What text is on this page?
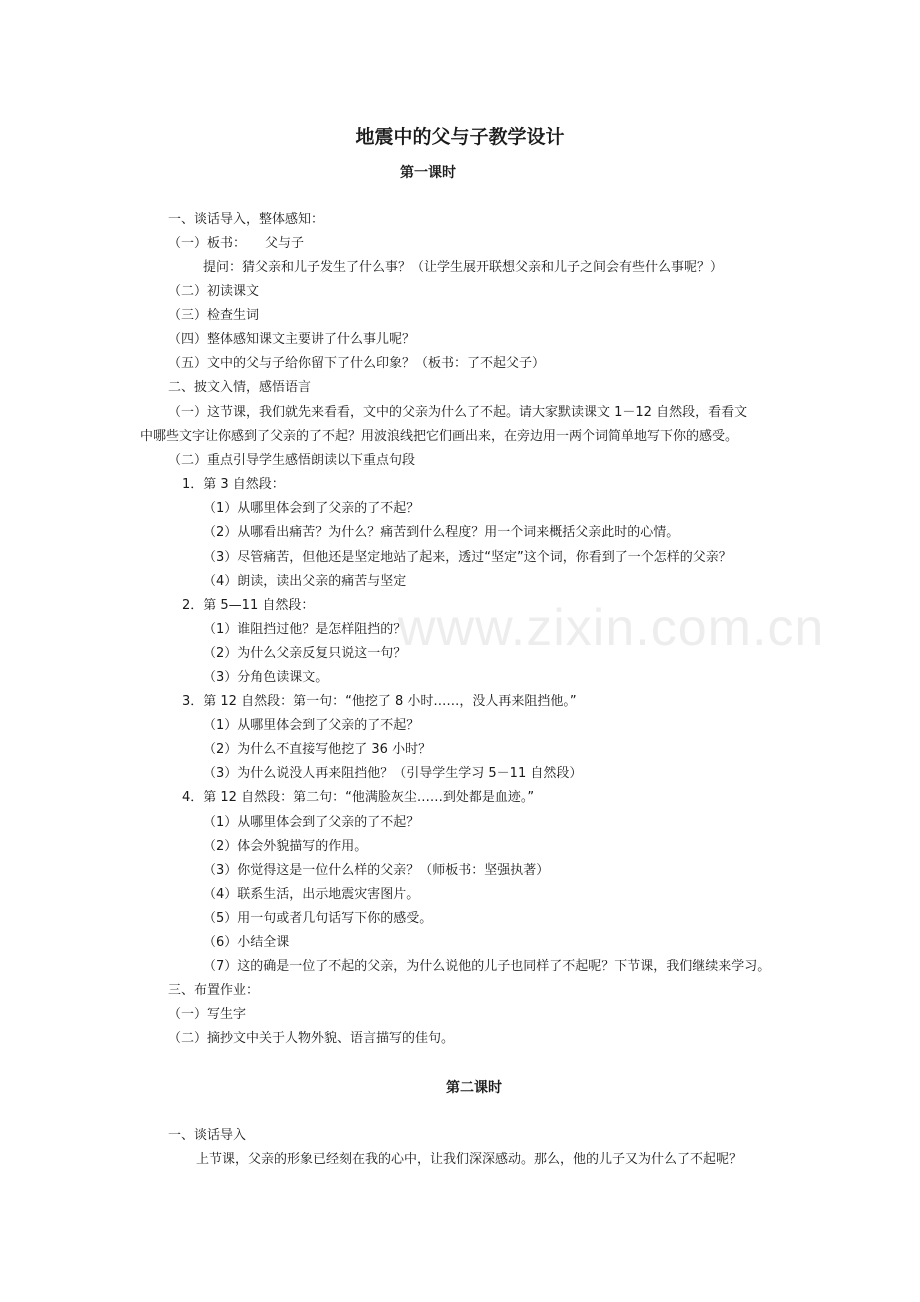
地震中的父与子教学设计
第一课时
一、谈话导入，整体感知：
（一）板书： 父与子
提问：猜父亲和儿子发生了什么事？（让学生展开联想父亲和儿子之间会有些什么事呢？）
（二）初读课文
（三）检查生词
（四）整体感知课文主要讲了什么事儿呢？
（五）文中的父与子给你留下了什么印象？（板书：了不起父子）
二、披文入情，感悟语言
（一）这节课，我们就先来看看，文中的父亲为什么了不起。请大家默读课文 1－12 自然段，看看文
中哪些文字让你感到了父亲的了不起？用波浪线把它们画出来，在旁边用一两个词简单地写下你的感受。
（二）重点引导学生感悟朗读以下重点句段
1．第 3 自然段：
（1）从哪里体会到了父亲的了不起？
（2）从哪看出痛苦？为什么？痛苦到什么程度？用一个词来概括父亲此时的心情。
（3）尽管痛苦，但他还是坚定地站了起来，透过“坚定”这个词，你看到了一个怎样的父亲？
（4）朗读，读出父亲的痛苦与坚定
2．第 5—11 自然段：
（1）谁阻挡过他？是怎样阻挡的？
（2）为什么父亲反复只说这一句？
（3）分角色读课文。
3．第 12 自然段：第一句：“他挖了 8 小时……，没人再来阻挡他。”
（1）从哪里体会到了父亲的了不起？
（2）为什么不直接写他挖了 36 小时？
（3）为什么说没人再来阻挡他？（引导学生学习 5－11 自然段）
4．第 12 自然段：第二句：“他满脸灰尘……到处都是血迹。”
（1）从哪里体会到了父亲的了不起？
（2）体会外貌描写的作用。
（3）你觉得这是一位什么样的父亲？（师板书：坚强执著）
（4）联系生活，出示地震灾害图片。
（5）用一句或者几句话写下你的感受。
（6）小结全课
（7）这的确是一位了不起的父亲，为什么说他的儿子也同样了不起呢？下节课，我们继续来学习。
三、布置作业：
（一）写生字
（二）摘抄文中关于人物外貌、语言描写的佳句。
第二课时
一、谈话导入
上节课，父亲的形象已经刻在我的心中，让我们深深感动。那么，他的儿子又为什么了不起呢？
www.zixin.com.cn
